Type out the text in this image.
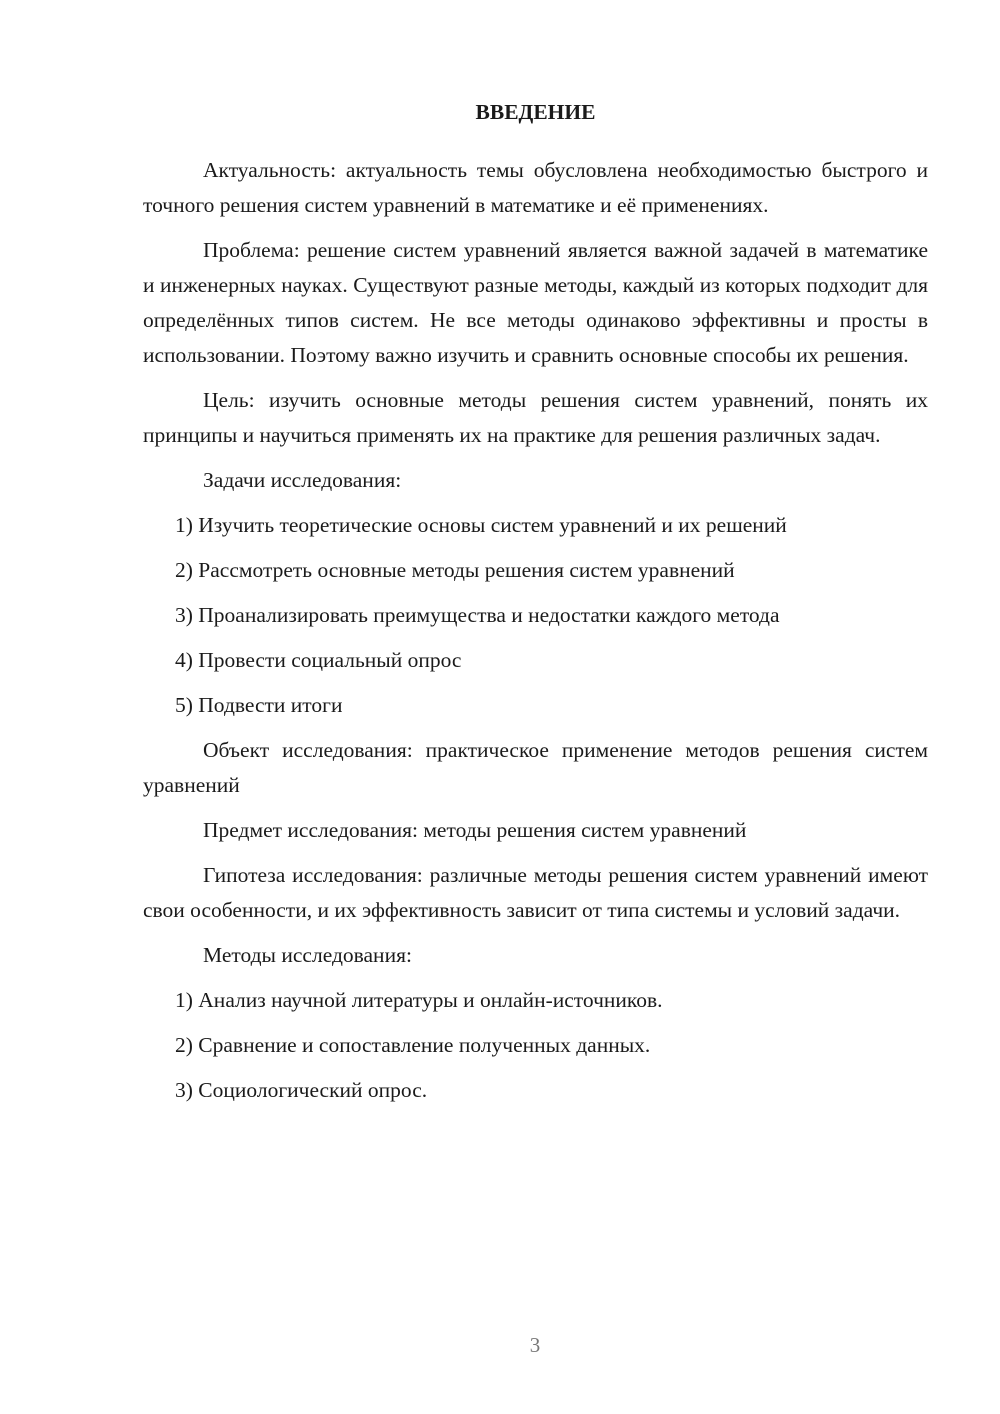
ВВЕДЕНИЕ

Актуальность: актуальность темы обусловлена необходимостью быстрого и точного решения систем уравнений в математике и её применениях.

Проблема: решение систем уравнений является важной задачей в математике и инженерных науках. Существуют разные методы, каждый из которых подходит для определённых типов систем. Не все методы одинаково эффективны и просты в использовании. Поэтому важно изучить и сравнить основные способы их решения.

Цель: изучить основные методы решения систем уравнений, понять их принципы и научиться применять их на практике для решения различных задач.

Задачи исследования:
1) Изучить теоретические основы систем уравнений и их решений
2) Рассмотреть основные методы решения систем уравнений
3) Проанализировать преимущества и недостатки каждого метода
4) Провести социальный опрос
5) Подвести итоги

Объект исследования: практическое применение методов решения систем уравнений

Предмет исследования: методы решения систем уравнений

Гипотеза исследования: различные методы решения систем уравнений имеют свои особенности, и их эффективность зависит от типа системы и условий задачи.

Методы исследования:
1) Анализ научной литературы и онлайн-источников.
2) Сравнение и сопоставление полученных данных.
3) Социологический опрос.
3
